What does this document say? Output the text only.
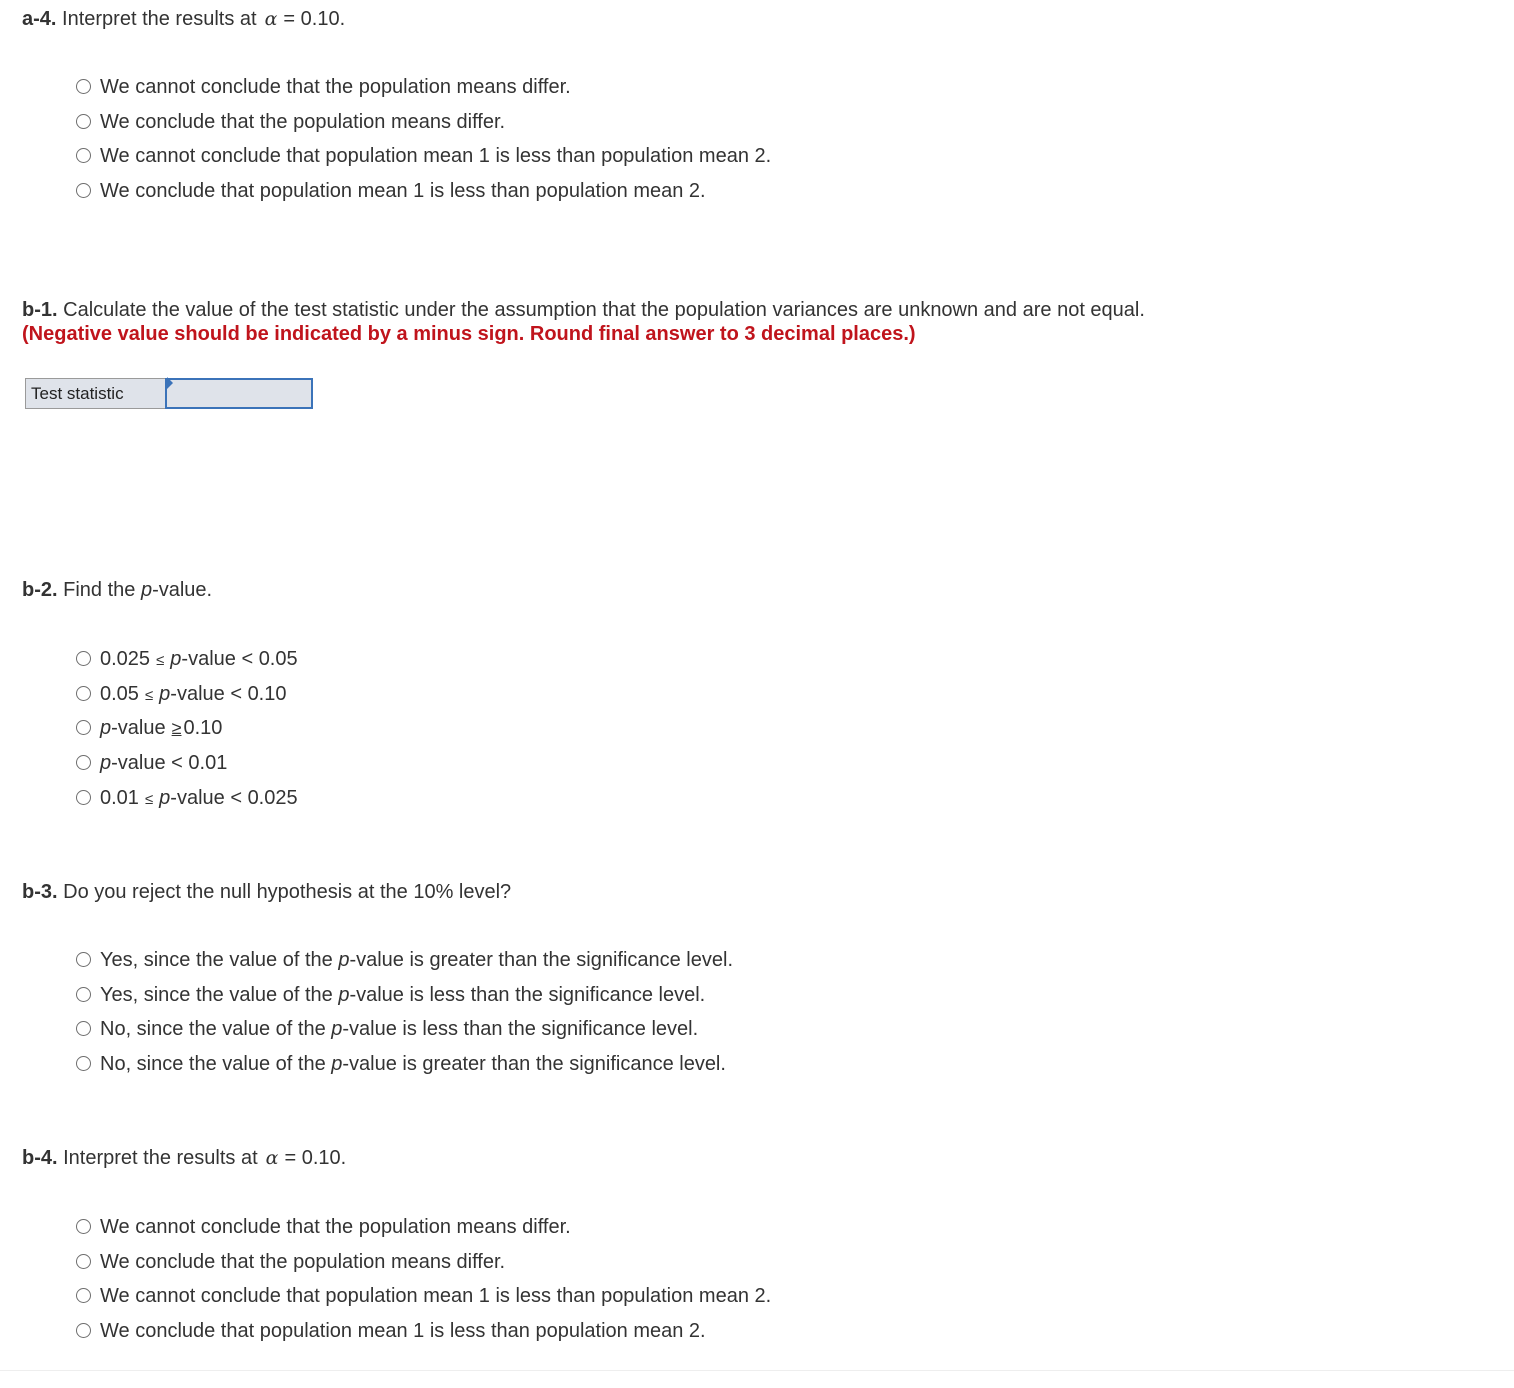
a-4. Interpret the results at α = 0.10.

We cannot conclude that the population means differ.
We conclude that the population means differ.
We cannot conclude that population mean 1 is less than population mean 2.
We conclude that population mean 1 is less than population mean 2.

b-1. Calculate the value of the test statistic under the assumption that the population variances are unknown and are not equal.

(Negative value should be indicated by a minus sign. Round final answer to 3 decimal places.)

Test statistic

b-2. Find the p-value.

0.025 ≤ p -value < 0.05
0.05 ≤ p -value < 0.10
p -value ≥ 0.10
p -value < 0.01
0.01 ≤ p -value < 0.025

b-3. Do you reject the null hypothesis at the 10% level?

Yes, since the value of the
p -value is greater than the significance level.
Yes, since the value of the
p -value is less than the significance level.
No, since the value of the
p -value is less than the significance level.
No, since the value of the
p -value is greater than the significance level.

b-4. Interpret the results at α = 0.10.

We cannot conclude that the population means differ.
We conclude that the population means differ.
We cannot conclude that population mean 1 is less than population mean 2.
We conclude that population mean 1 is less than population mean 2.
